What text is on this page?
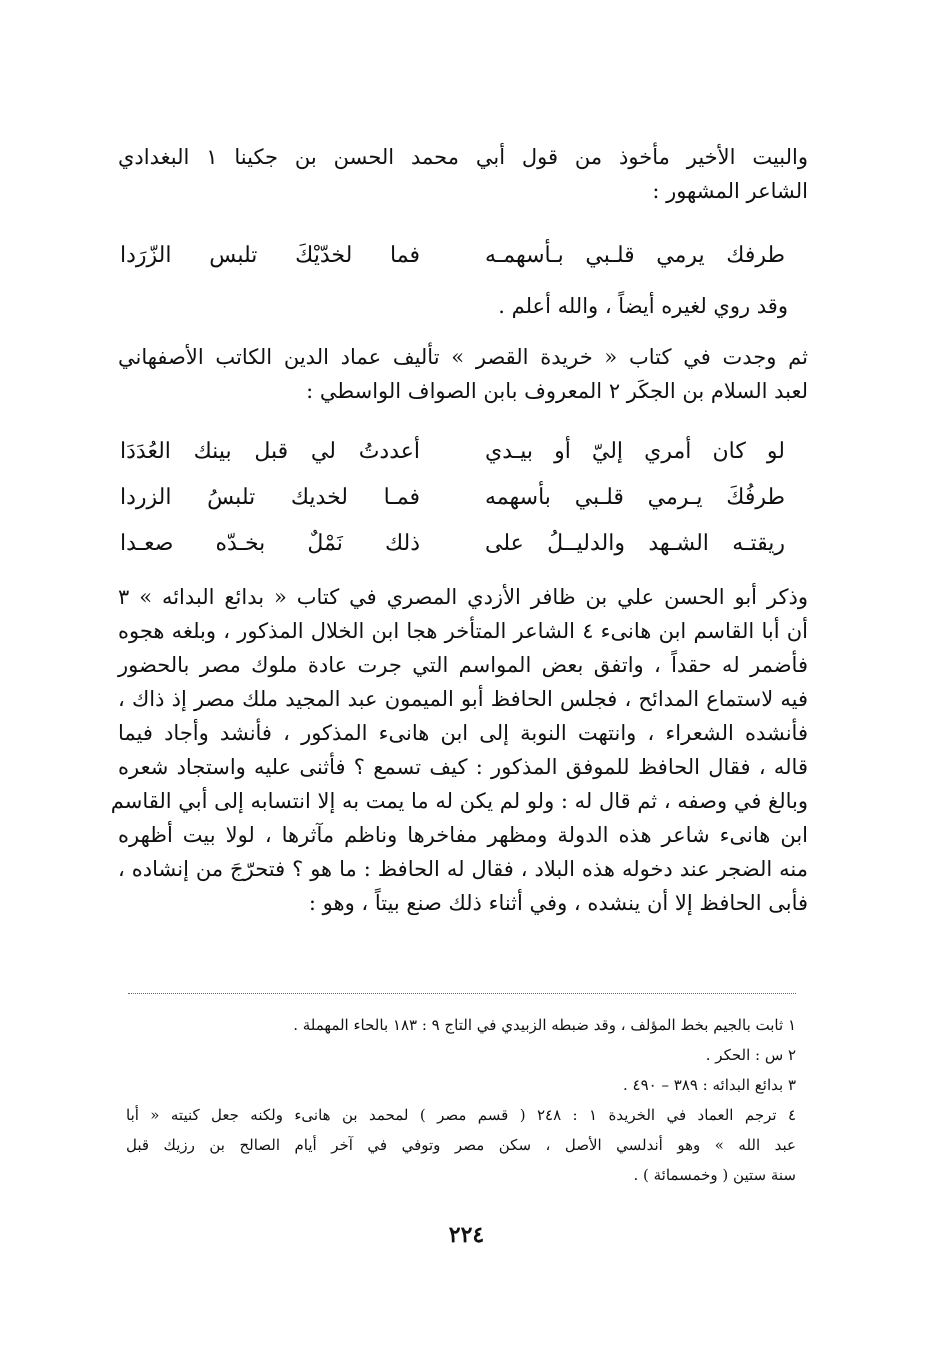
والبيت الأخير مأخوذ من قول أبي محمد الحسن بن جكينا ١ البغدادي
الشاعر المشهور :
طرفك يرمي قلـبي بـأسهمـه
فما لخدّيْكَ تلبس الزّرَدا
وقد روي لغيره أيضاً ، والله أعلم .
ثم وجدت في كتاب « خريدة القصر » تأليف عماد الدين الكاتب الأصفهاني
لعبد السلام بن الجكَر ٢ المعروف بابن الصواف الواسطي :
لو كان أمري إليّ أو بيـدي
أعددتُ لي قبل بينك العُدَدَا
طرفُكَ يـرمي قلـبي بأسهمه
فمـا لخديك تلبسُ الزردا
ريقتـه الشـهد والدليــلُ على
ذلك نَمْلٌ بخـدّه صعـدا
وذكر أبو الحسن علي بن ظافر الأزدي المصري في كتاب « بدائع البدائه » ٣
أن أبا القاسم ابن هانىء ٤ الشاعر المتأخر هجا ابن الخلال المذكور ، وبلغه هجوه
فأضمر له حقداً ، واتفق بعض المواسم التي جرت عادة ملوك مصر بالحضور
فيه لاستماع المدائح ، فجلس الحافظ أبو الميمون عبد المجيد ملك مصر إذ ذاك ،
فأنشده الشعراء ، وانتهت النوبة إلى ابن هانىء المذكور ، فأنشد وأجاد فيما
قاله ، فقال الحافظ للموفق المذكور : كيف تسمع ؟ فأثنى عليه واستجاد شعره
وبالغ في وصفه ، ثم قال له : ولو لم يكن له ما يمت به إلا انتسابه إلى أبي القاسم
ابن هانىء شاعر هذه الدولة ومظهر مفاخرها وناظم مآثرها ، لولا بيت أظهره
منه الضجر عند دخوله هذه البلاد ، فقال له الحافظ : ما هو ؟ فتحرّجَ من إنشاده ،
فأبى الحافظ إلا أن ينشده ، وفي أثناء ذلك صنع بيتاً ، وهو :
١ ثابت بالجيم بخط المؤلف ، وقد ضبطه الزبيدي في التاج ٩ : ١٨٣ بالحاء المهملة .
٢ س : الحكر .
٣ بدائع البدائه : ٣٨٩ – ٤٩٠ .
٤ ترجم العماد في الخريدة ١ : ٢٤٨ ( قسم مصر ) لمحمد بن هانىء ولكنه جعل كنيته « أبا
عبد الله » وهو أندلسي الأصل ، سكن مصر وتوفي في آخر أيام الصالح بن رزيك قبل
سنة ستين ( وخمسمائة ) .
٢٢٤
